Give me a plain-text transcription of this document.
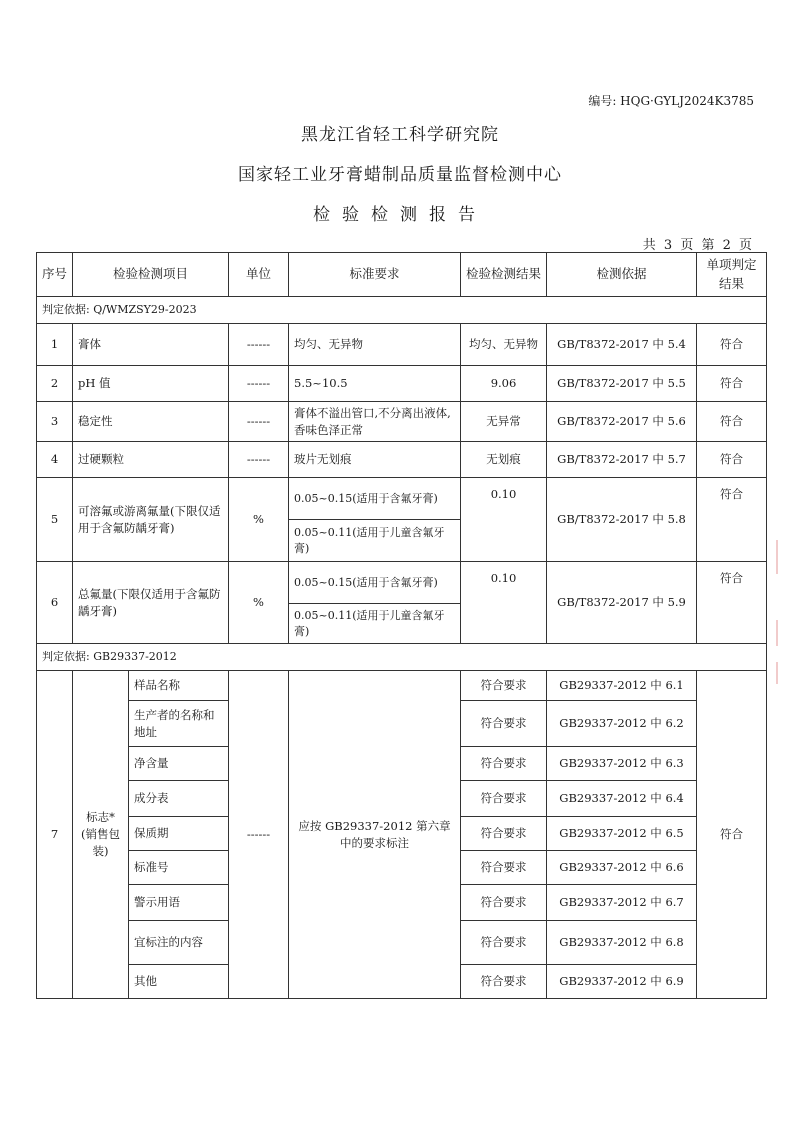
编号: HQG·GYLJ2024K3785
黑龙江省轻工科学研究院
国家轻工业牙膏蜡制品质量监督检测中心
检验检测报告
共 3 页 第 2 页
序号	检验检测项目		单位	标准要求	检验检测结果	检测依据	单项判定结果
判定依据: Q/WMZSY29-2023							
1	膏体		------	均匀、无异物	均匀、无异物	GB/T8372-2017 中 5.4	符合
2	pH 值		------	5.5~10.5	9.06	GB/T8372-2017 中 5.5	符合
3	稳定性		------	膏体不溢出管口,不分离出液体,香味色泽正常	无异常	GB/T8372-2017 中 5.6	符合
4	过硬颗粒		------	玻片无划痕	无划痕	GB/T8372-2017 中 5.7	符合
5	可溶氟或游离氟量(下限仅适用于含氟防龋牙膏)		%	0.05~0.15(适用于含氟牙膏)	0.10	GB/T8372-2017 中 5.8	符合
				0.05~0.11(适用于儿童含氟牙膏)			
6	总氟量(下限仅适用于含氟防龋牙膏)		%	0.05~0.15(适用于含氟牙膏)	0.10	GB/T8372-2017 中 5.9	符合
				0.05~0.11(适用于儿童含氟牙膏)			
判定依据: GB29337-2012							
7	标志*(销售包装)	样品名称	------	应按 GB29337-2012 第六章中的要求标注	符合要求	GB29337-2012 中 6.1	符合
		生产者的名称和地址			符合要求	GB29337-2012 中 6.2	
		净含量			符合要求	GB29337-2012 中 6.3	
		成分表			符合要求	GB29337-2012 中 6.4	
		保质期			符合要求	GB29337-2012 中 6.5	
		标准号			符合要求	GB29337-2012 中 6.6	
		警示用语			符合要求	GB29337-2012 中 6.7	
		宜标注的内容			符合要求	GB29337-2012 中 6.8	
		其他			符合要求	GB29337-2012 中 6.9	
